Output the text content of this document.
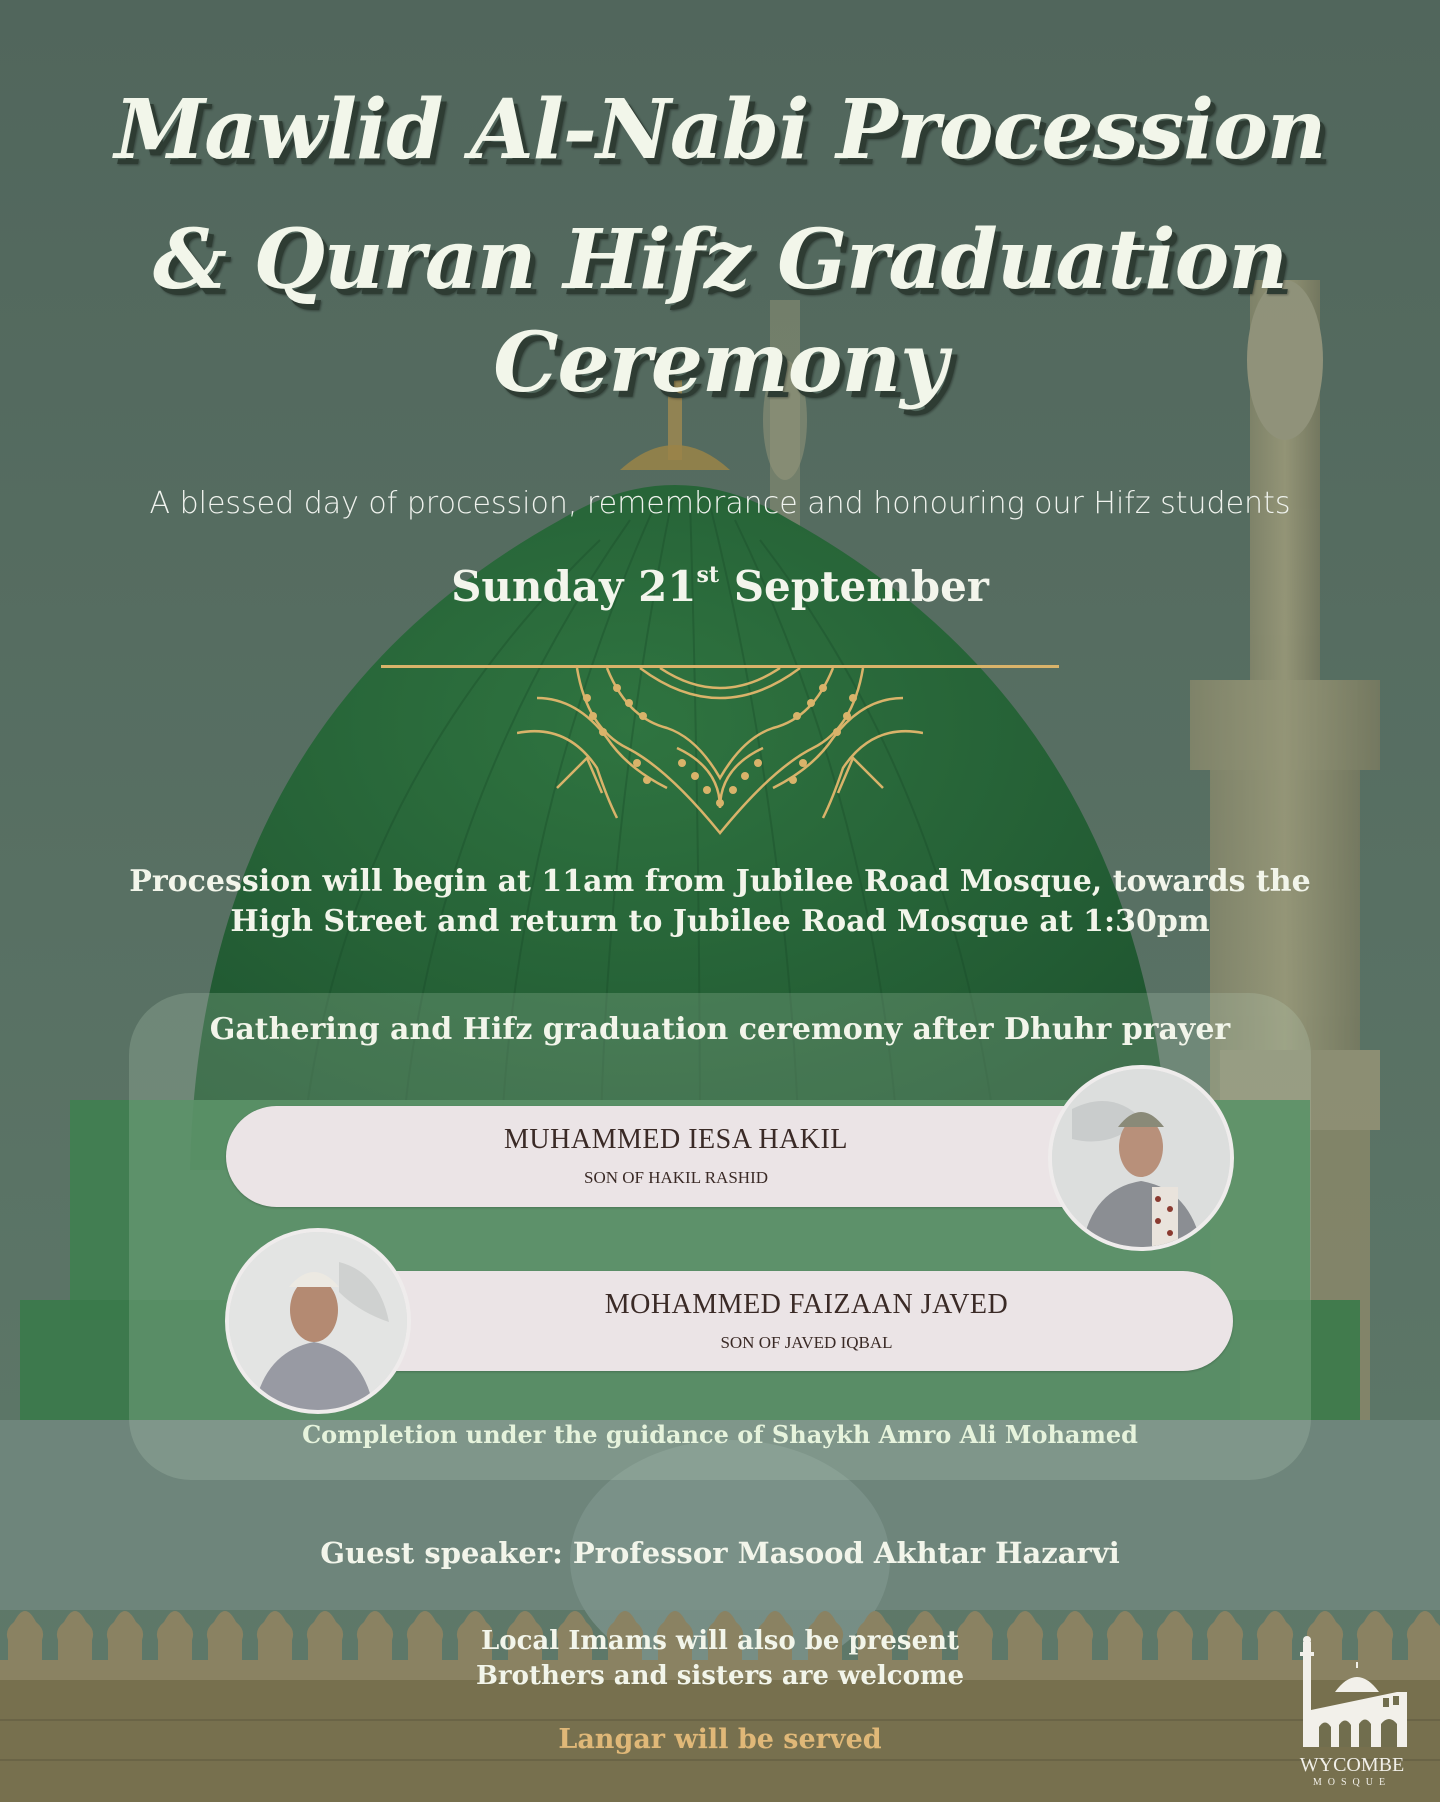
Mawlid Al-Nabi Procession
& Quran Hifz Graduation
Ceremony
A blessed day of procession, remembrance and honouring our Hifz students
Sunday 21st September
Procession will begin at 11am from Jubilee Road Mosque, towards the
High Street and return to Jubilee Road Mosque at 1:30pm
Gathering and Hifz graduation ceremony after Dhuhr prayer
MUHAMMED IESA HAKIL
SON OF HAKIL RASHID
MOHAMMED FAIZAAN JAVED
SON OF JAVED IQBAL
Completion under the guidance of Shaykh Amro Ali Mohamed
Guest speaker: Professor Masood Akhtar Hazarvi
Local Imams will also be present
Brothers and sisters are welcome
Langar will be served
WYCOMBE
MOSQUE
